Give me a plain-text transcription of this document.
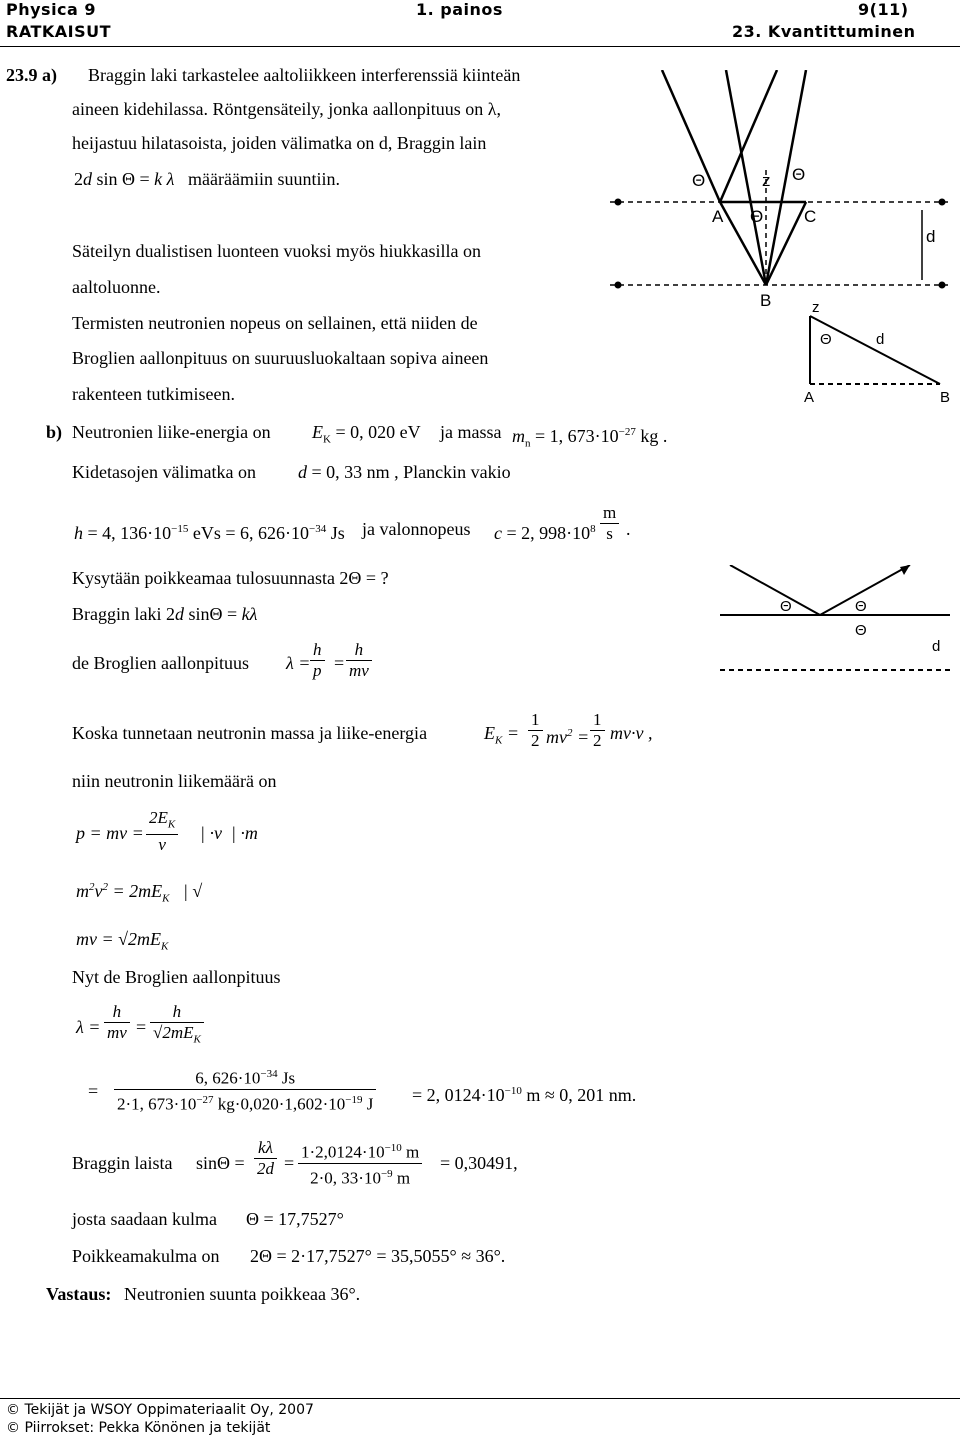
Physica 9	1. painos	9(11)
RATKAISUT	23. Kvantittuminen
23.9 a) Braggin laki tarkastelee aaltoliikkeen interferenssiä kiinteän
aineen kidehilassa. Röntgensäteily, jonka aallonpituus on λ,
heijastuu hilatasoista, joiden välimatka on d, Braggin lain
2d sin Θ = k λ määräämiin suuntiin.
Säteilyn dualistisen luonteen vuoksi myös hiukkasilla on
aaltoluonne.
Termisten neutronien nopeus on sellainen, että niiden de
Broglien aallonpituus on suuruusluokaltaan sopiva aineen
rakenteen tutkimiseen.
b) Neutronien liike-energia on $E_K = 0$, 020 eV ja massa $m_n = 1$, $673\cdot 10^{-27}$ kg .
Kidetasojen välimatka on d = 0, 33 nm , Planckin vakio
h = 4, $136\cdot 10^{-15}$ eVs = 6, $626\cdot 10^{-34}$ Js ja valonnopeus c = 2, $998\cdot 10^8 \frac{m}{s}$ .
Kysytään poikkeamaa tulosuunnasta 2Θ = ?
Braggin laki 2d sinΘ = kλ
de Broglien aallonpituus $\lambda = \frac{h}{p} = \frac{h}{mv}$
Koska tunnetaan neutronin massa ja liike-energia	$E_K = \frac{1}{2} mv^2 = \frac{1}{2} mv\cdot v$ ,
niin neutronin liikemäärä on
p = mv = $\frac{2E_K}{v}$ | ·v  | ·m
$m^2v^2 = 2mE_K$   | √
mv = $√2mE_K$
Nyt de Broglien aallonpituus
$\lambda = \frac{h}{mv}$ =
h
$√2mE_K$
= $\frac{6, 626\cdot 10^{-34} Js}{2\cdot 1, 673\cdot 10^{-27} kg\cdot 0,020\cdot 1,602\cdot 10^{-19} J} = 2$, $0124\cdot 10^{-10}$ m ≈ 0, 201 nm.
Braggin laista $\sin\Theta = \frac{k\lambda}{2d} = \frac{1\cdot 2,0124\cdot 10^{-10} m}{2\cdot 0, 33\cdot 10^{-9} m} = 0,30491$,
josta saadaan kulma Θ = 17,7527°
Poikkeamakulma on 2Θ = 2·17,7527° = 35,5055° ≈ 36°.
Vastaus: Neutronien suunta poikkeaa 36°.
Θ	z Θ
A Θ C
d
B	z
Θ	d
A	B
Θ	Θ
Θ
d
© Tekijät ja WSOY Oppimateriaalit Oy, 2007
© Piirrokset: Pekka Könönen ja tekijät
